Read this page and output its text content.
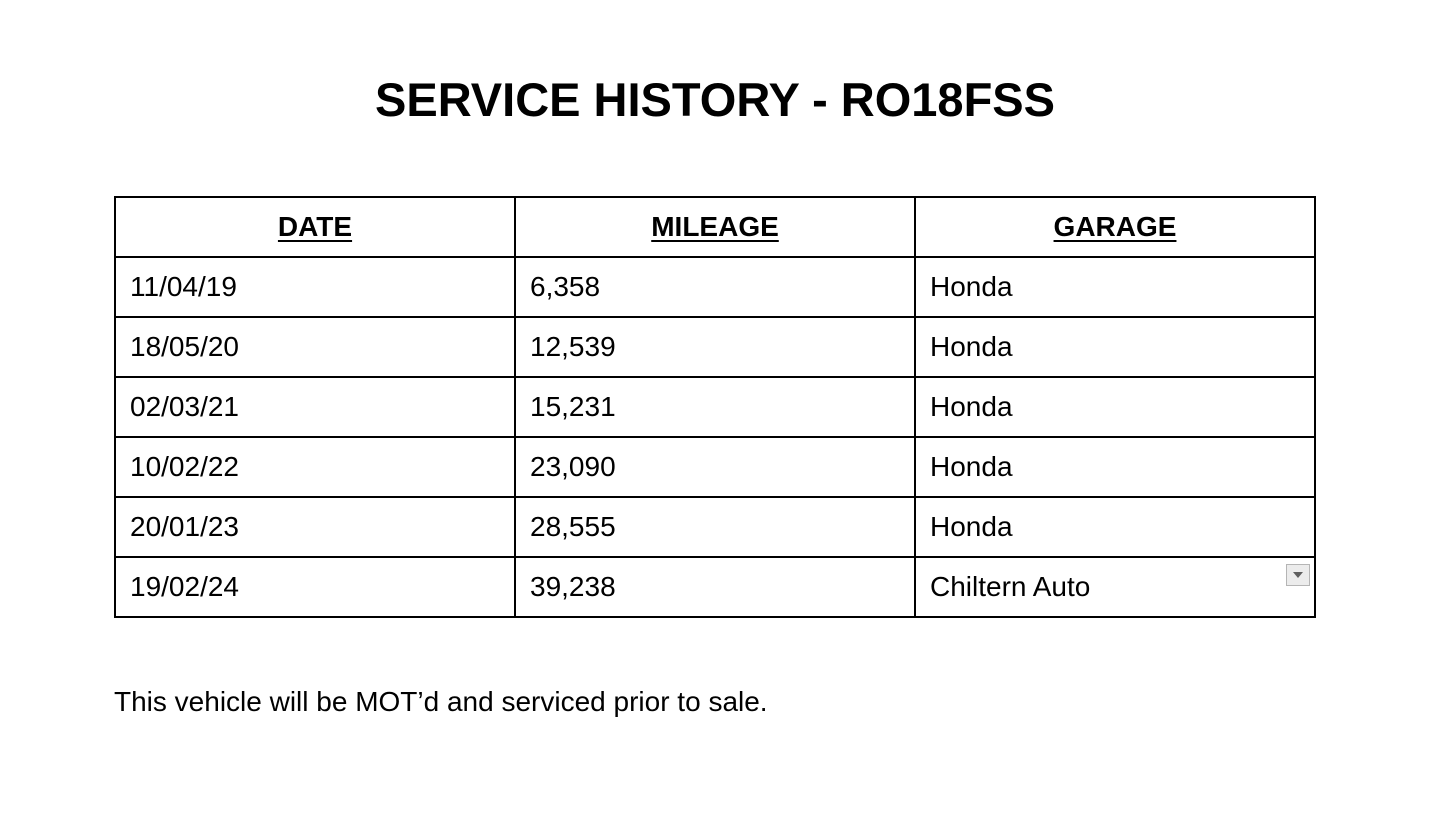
SERVICE HISTORY - RO18FSS
DATE	MILEAGE	GARAGE
11/04/19	6,358	Honda
18/05/20	12,539	Honda
02/03/21	15,231	Honda
10/02/22	23,090	Honda
20/01/23	28,555	Honda
19/02/24	39,238	Chiltern Auto

This vehicle will be MOT’d and serviced prior to sale.
